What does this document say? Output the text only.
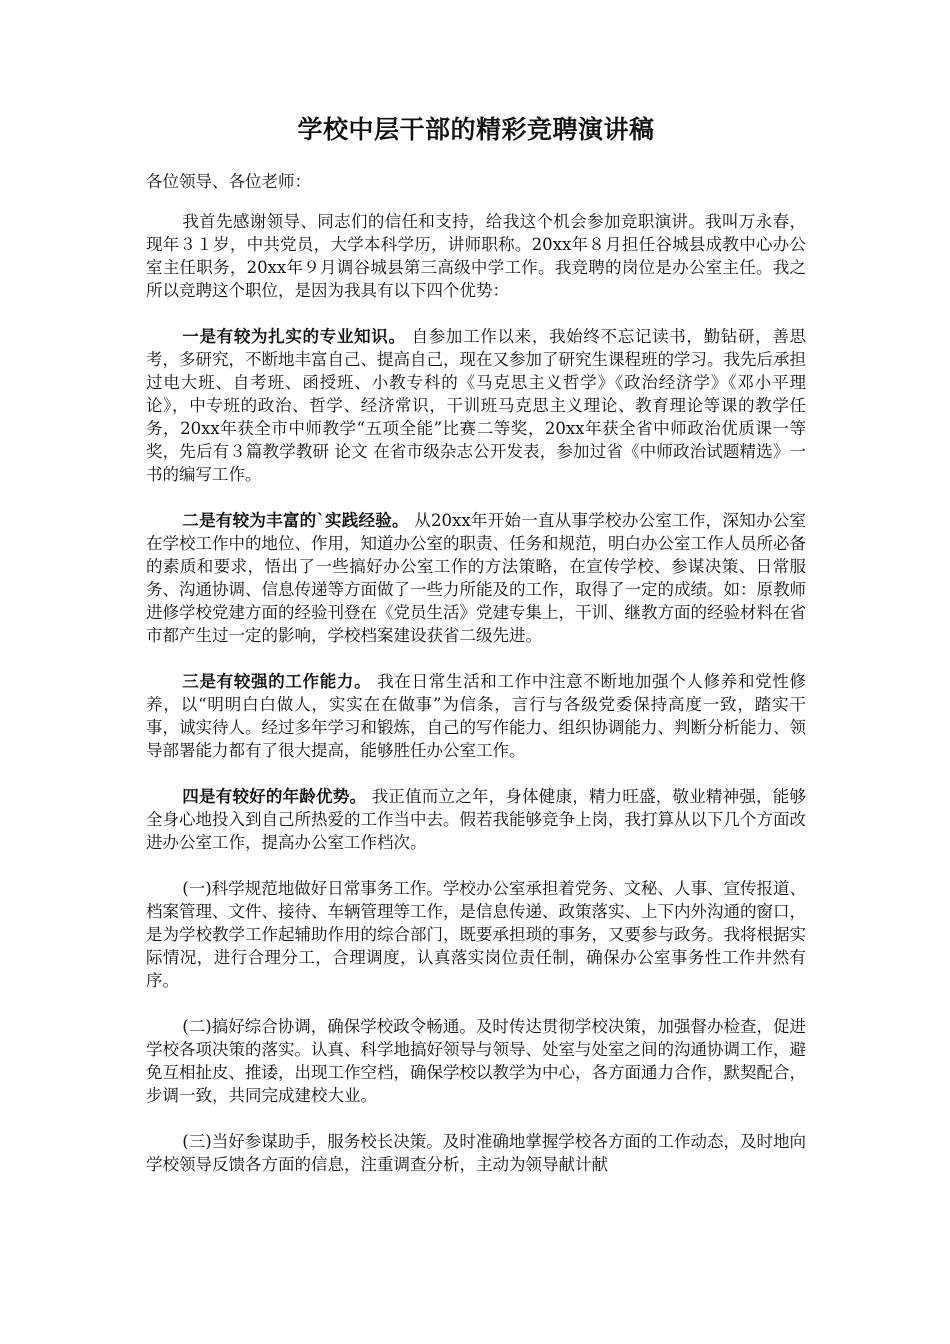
学校中层干部的精彩竞聘演讲稿

各位领导、各位老师：

我首先感谢领导、同志们的信任和支持，给我这个机会参加竞职演讲。我叫万永春，现年３１岁，中共党员，大学本科学历，讲师职称。20xx年８月担任谷城县成教中心办公室主任职务，20xx年９月调谷城县第三高级中学工作。我竞聘的岗位是办公室主任。我之所以竞聘这个职位，是因为我具有以下四个优势：

一是有较为扎实的专业知识。 自参加工作以来，我始终不忘记读书，勤钻研，善思考，多研究，不断地丰富自己、提高自己，现在又参加了研究生课程班的学习。我先后承担过电大班、自考班、函授班、小教专科的《马克思主义哲学》《政治经济学》《邓小平理论》，中专班的政治、哲学、经济常识，干训班马克思主义理论、教育理论等课的教学任务，20xx年获全市中师教学“五项全能”比赛二等奖，20xx年获全省中师政治优质课一等奖，先后有３篇教学教研 论文 在省市级杂志公开发表，参加过省《中师政治试题精选》一书的编写工作。

二是有较为丰富的`实践经验。 从20xx年开始一直从事学校办公室工作，深知办公室在学校工作中的地位、作用，知道办公室的职责、任务和规范，明白办公室工作人员所必备的素质和要求，悟出了一些搞好办公室工作的方法策略，在宣传学校、参谋决策、日常服务、沟通协调、信息传递等方面做了一些力所能及的工作，取得了一定的成绩。如：原教师进修学校党建方面的经验刊登在《党员生活》党建专集上，干训、继教方面的经验材料在省市都产生过一定的影响，学校档案建设获省二级先进。

三是有较强的工作能力。 我在日常生活和工作中注意不断地加强个人修养和党性修养，以“明明白白做人，实实在在做事”为信条，言行与各级党委保持高度一致，踏实干事，诚实待人。经过多年学习和锻炼，自己的写作能力、组织协调能力、判断分析能力、领导部署能力都有了很大提高，能够胜任办公室工作。

四是有较好的年龄优势。 我正值而立之年，身体健康，精力旺盛，敬业精神强，能够全身心地投入到自己所热爱的工作当中去。假若我能够竞争上岗，我打算从以下几个方面改进办公室工作，提高办公室工作档次。

(一)科学规范地做好日常事务工作。学校办公室承担着党务、文秘、人事、宣传报道、档案管理、文件、接待、车辆管理等工作，是信息传递、政策落实、上下内外沟通的窗口，是为学校教学工作起辅助作用的综合部门，既要承担琐的事务，又要参与政务。我将根据实际情况，进行合理分工，合理调度，认真落实岗位责任制，确保办公室事务性工作井然有序。

(二)搞好综合协调，确保学校政令畅通。及时传达贯彻学校决策，加强督办检查，促进学校各项决策的落实。认真、科学地搞好领导与领导、处室与处室之间的沟通协调工作，避免互相扯皮、推诿，出现工作空档，确保学校以教学为中心，各方面通力合作，默契配合，步调一致，共同完成建校大业。

(三)当好参谋助手，服务校长决策。及时准确地掌握学校各方面的工作动态，及时地向学校领导反馈各方面的信息，注重调查分析，主动为领导献计献
